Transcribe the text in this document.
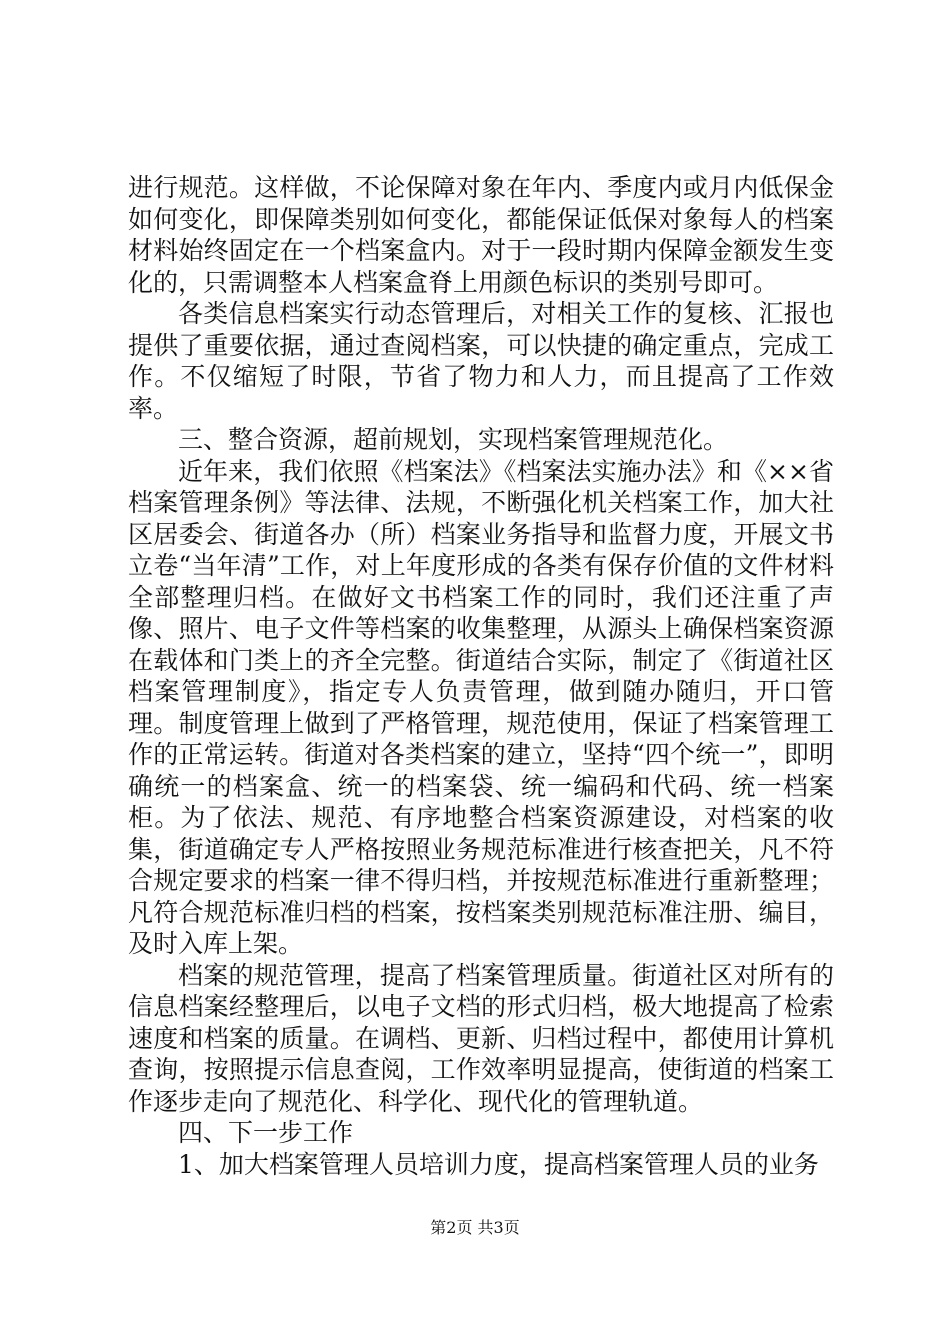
进行规范。这样做，不论保障对象在年内、季度内或月内低保金如何变化，即保障类别如何变化，都能保证低保对象每人的档案材料始终固定在一个档案盒内。对于一段时期内保障金额发生变化的，只需调整本人档案盒脊上用颜色标识的类别号即可。

各类信息档案实行动态管理后，对相关工作的复核、汇报也提供了重要依据，通过查阅档案，可以快捷的确定重点，完成工作。不仅缩短了时限，节省了物力和人力，而且提高了工作效率。

三、整合资源，超前规划，实现档案管理规范化。

近年来，我们依照《档案法》《档案法实施办法》和《××省档案管理条例》等法律、法规，不断强化机关档案工作，加大社区居委会、街道各办（所）档案业务指导和监督力度，开展文书立卷“当年清”工作，对上年度形成的各类有保存价值的文件材料全部整理归档。在做好文书档案工作的同时，我们还注重了声像、照片、电子文件等档案的收集整理，从源头上确保档案资源在载体和门类上的齐全完整。街道结合实际，制定了《街道社区档案管理制度》，指定专人负责管理，做到随办随归，开口管理。制度管理上做到了严格管理，规范使用，保证了档案管理工作的正常运转。街道对各类档案的建立，坚持“四个统一”，即明确统一的档案盒、统一的档案袋、统一编码和代码、统一档案柜。为了依法、规范、有序地整合档案资源建设，对档案的收集，街道确定专人严格按照业务规范标准进行核查把关，凡不符合规定要求的档案一律不得归档，并按规范标准进行重新整理；凡符合规范标准归档的档案，按档案类别规范标准注册、编目，及时入库上架。

档案的规范管理，提高了档案管理质量。街道社区对所有的信息档案经整理后，以电子文档的形式归档，极大地提高了检索速度和档案的质量。在调档、更新、归档过程中，都使用计算机查询，按照提示信息查阅，工作效率明显提高，使街道的档案工作逐步走向了规范化、科学化、现代化的管理轨道。

四、下一步工作

1、加大档案管理人员培训力度，提高档案管理人员的业务

第2页 共3页
